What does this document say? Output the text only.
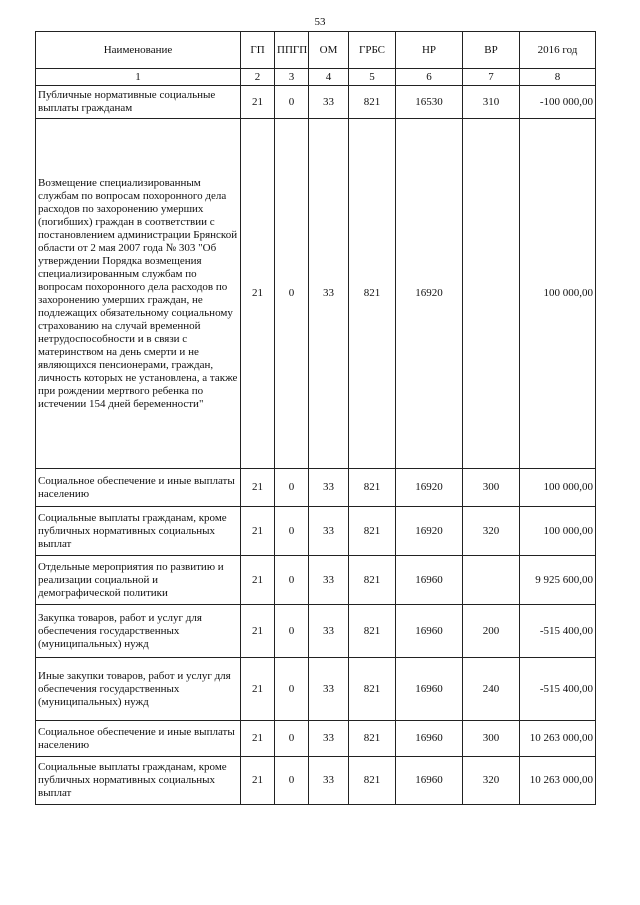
53
Наименование	ГП	ППГП	ОМ	ГРБС	НР	ВР	2016 год
1	2	3	4	5	6	7	8
Публичные нормативные социальные выплаты гражданам	21	0	33	821	16530	310	-100 000,00
Возмещение специализированным службам по вопросам похоронного дела расходов по захоронению умерших (погибших) граждан в соответствии с постановлением администрации Брянской области от 2 мая 2007 года № 303 "Об утверждении Порядка возмещения специализированным службам по вопросам похоронного дела расходов по захоронению умерших граждан, не подлежащих обязательному социальному страхованию на случай временной нетрудоспособности и в связи с материнством на день смерти и не являющихся пенсионерами, граждан, личность которых не установлена, а также при рождении мертвого ребенка по истечении 154 дней беременности"	21	0	33	821	16920		100 000,00
Социальное обеспечение и иные выплаты населению	21	0	33	821	16920	300	100 000,00
Социальные выплаты гражданам, кроме публичных нормативных социальных выплат	21	0	33	821	16920	320	100 000,00
Отдельные мероприятия по развитию и реализации социальной и демографической политики	21	0	33	821	16960		9 925 600,00
Закупка товаров, работ и услуг для обеспечения государственных (муниципальных) нужд	21	0	33	821	16960	200	-515 400,00
Иные закупки товаров, работ и услуг для обеспечения государственных (муниципальных) нужд	21	0	33	821	16960	240	-515 400,00
Социальное обеспечение и иные выплаты населению	21	0	33	821	16960	300	10 263 000,00
Социальные выплаты гражданам, кроме публичных нормативных социальных выплат	21	0	33	821	16960	320	10 263 000,00
